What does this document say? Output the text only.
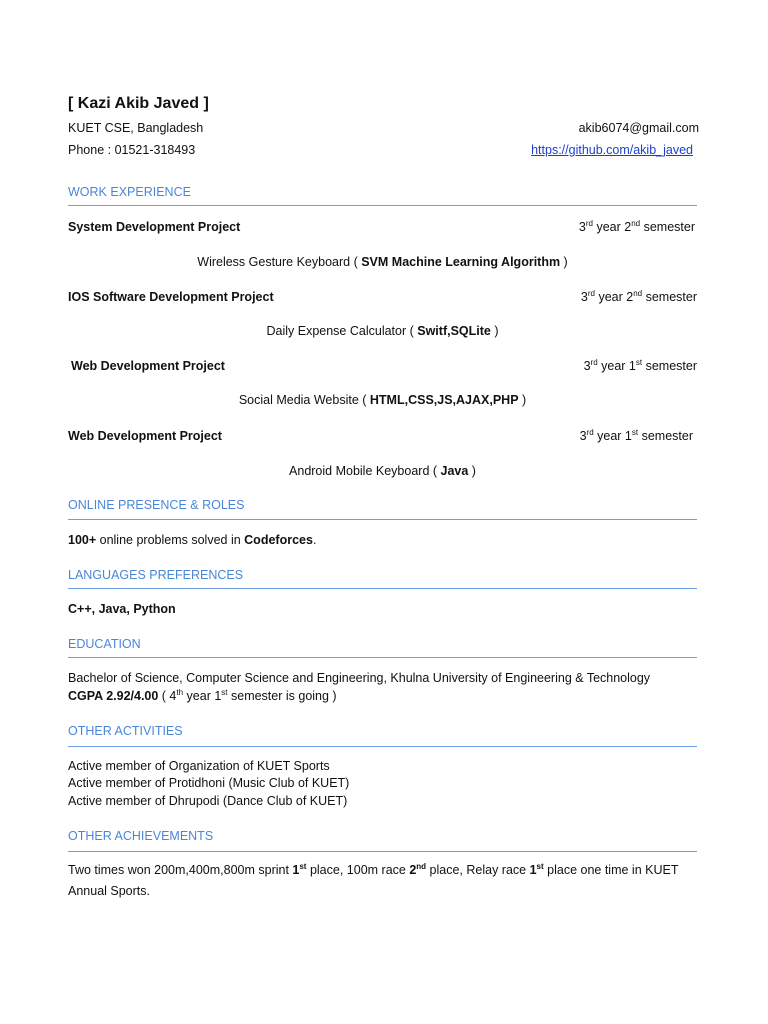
[ Kazi Akib Javed ]
KUET CSE, Bangladesh
Phone : 01521-318493
akib6074@gmail.com
https://github.com/akib_javed
WORK EXPERIENCE
System Development Project	3rd year 2nd semester
Wireless Gesture Keyboard ( SVM Machine Learning Algorithm )
IOS Software Development Project	3rd year 2nd semester
Daily Expense Calculator ( Switf,SQLite )
Web Development Project	3rd year 1st semester
Social Media Website ( HTML,CSS,JS,AJAX,PHP )
Web Development Project	3rd year 1st semester
Android Mobile Keyboard ( Java )
ONLINE PRESENCE & ROLES
100+ online problems solved in Codeforces.
LANGUAGES PREFERENCES
C++, Java, Python
EDUCATION
Bachelor of Science, Computer Science and Engineering, Khulna University of Engineering & Technology
CGPA 2.92/4.00 ( 4th year 1st semester is going )
OTHER ACTIVITIES
Active member of Organization of KUET Sports
Active member of Protidhoni (Music Club of KUET)
Active member of Dhrupodi (Dance Club of KUET)
OTHER ACHIEVEMENTS
Two times won 200m,400m,800m sprint 1st place, 100m race 2nd place, Relay race 1st place one time in KUET
Annual Sports.
